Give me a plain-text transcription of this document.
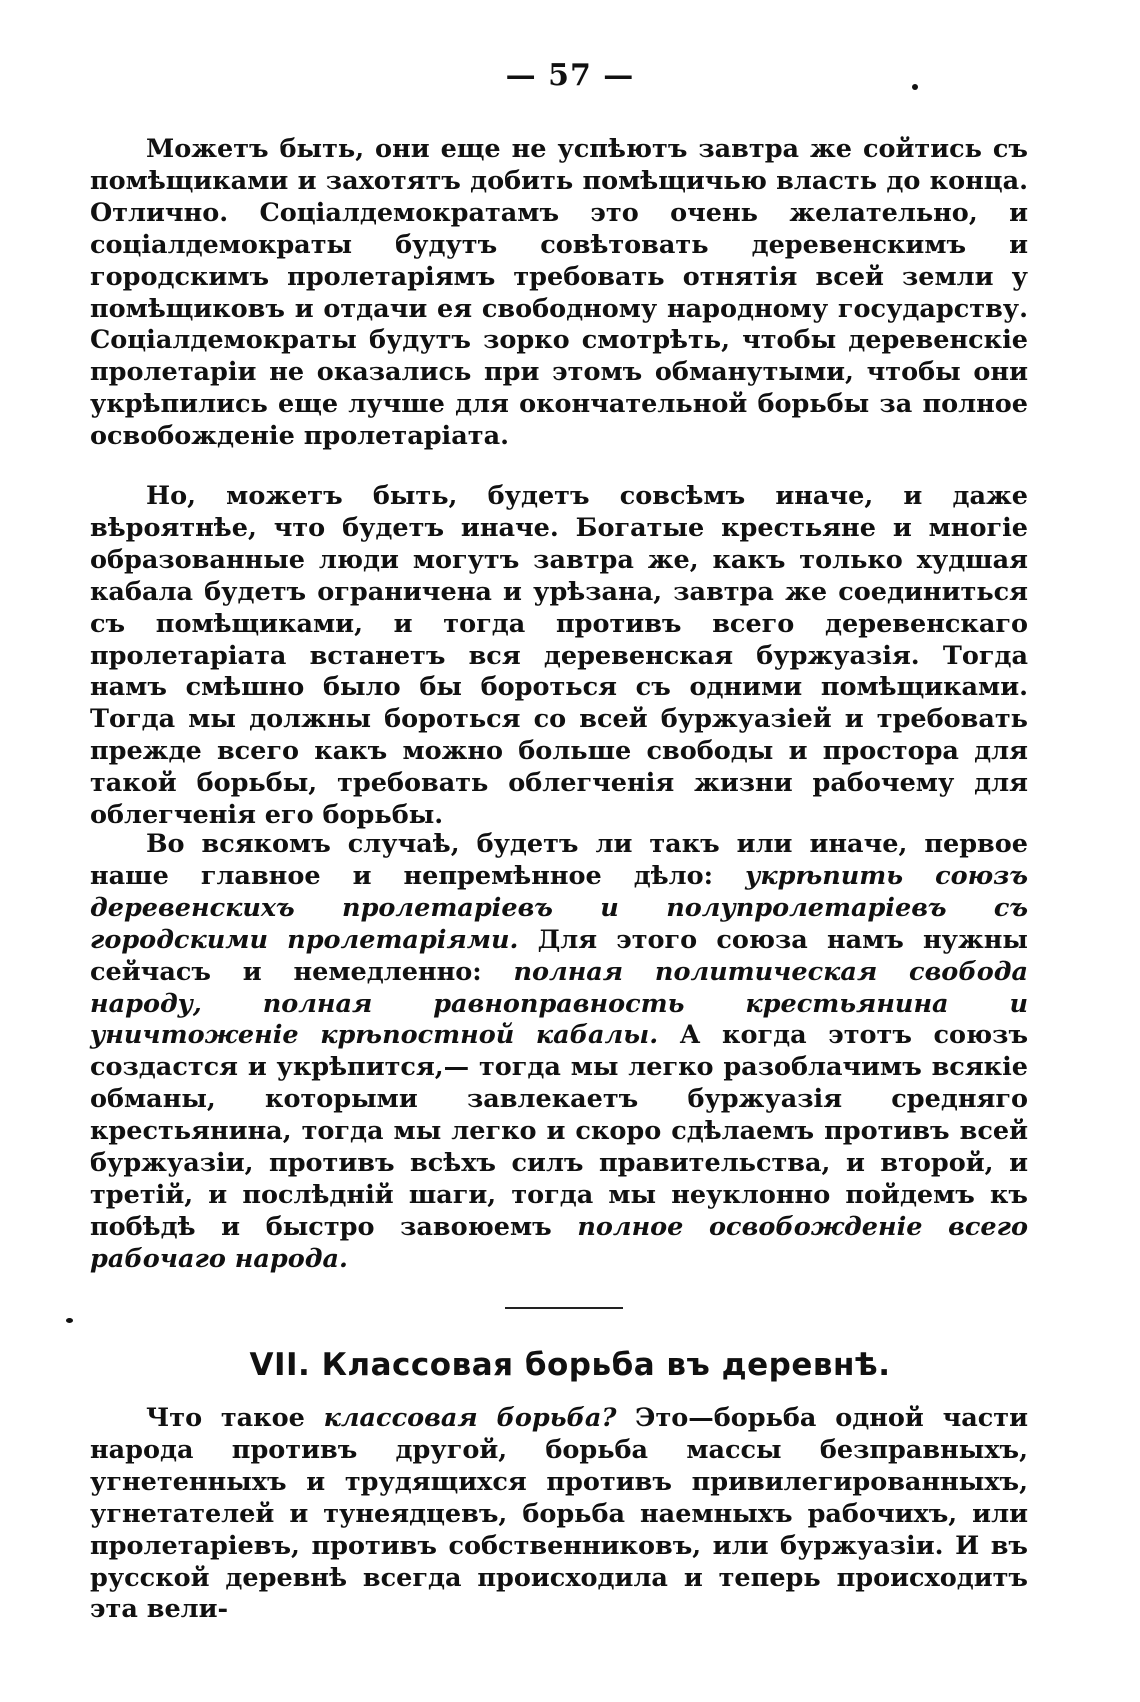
— 57 —

Можетъ быть, они еще не успѣютъ завтра же сойтись съ помѣщиками и захотятъ добить помѣщичью власть до конца. Отлично. Соціалдемократамъ это очень желательно, и соціалдемократы будутъ совѣтовать деревенскимъ и городскимъ пролетаріямъ требовать отнятія всей земли у помѣщиковъ и отдачи ея свободному народному государству. Соціалдемократы будутъ зорко смотрѣть, чтобы деревенскіе пролетаріи не оказались при этомъ обманутыми, чтобы они укрѣпились еще лучше для окончательной борьбы за полное освобожденіе пролетаріата.

Но, можетъ быть, будетъ совсѣмъ иначе, и даже вѣроятнѣе, что будетъ иначе. Богатые крестьяне и многіе образованные люди могутъ завтра же, какъ только худшая кабала будетъ ограничена и урѣзана, завтра же соединиться съ помѣщиками, и тогда противъ всего деревенскаго пролетаріата встанетъ вся деревенская буржуазія. Тогда намъ смѣшно было бы бороться съ одними помѣщиками. Тогда мы должны бороться со всей буржуазіей и требовать прежде всего какъ можно больше свободы и простора для такой борьбы, требовать облегченія жизни рабочему для облегченія его борьбы.

Во всякомъ случаѣ, будетъ ли такъ или иначе, первое наше главное и непремѣнное дѣло: укрѣпить союзъ деревенскихъ пролетаріевъ и полупролетаріевъ съ городскими пролетаріями. Для этого союза намъ нужны сейчасъ и немедленно: полная политическая свобода народу, полная равноправность крестьянина и уничтоженіе крѣпостной кабалы. А когда этотъ союзъ создастся и укрѣпится,— тогда мы легко разоблачимъ всякіе обманы, которыми завлекаетъ буржуазія средняго крестьянина, тогда мы легко и скоро сдѣлаемъ противъ всей буржуазіи, противъ всѣхъ силъ правительства, и второй, и третій, и послѣдній шаги, тогда мы неуклонно пойдемъ къ побѣдѣ и быстро завоюемъ полное освобожденіе всего рабочаго народа.

VII. Классовая борьба въ деревнѣ.

Что такое классовая борьба? Это—борьба одной части народа противъ другой, борьба массы безправныхъ, угнетенныхъ и трудящихся противъ привилегированныхъ, угнетателей и тунеядцевъ, борьба наемныхъ рабочихъ, или пролетаріевъ, противъ собственниковъ, или буржуазіи. И въ русской деревнѣ всегда происходила и теперь происходитъ эта вели-
